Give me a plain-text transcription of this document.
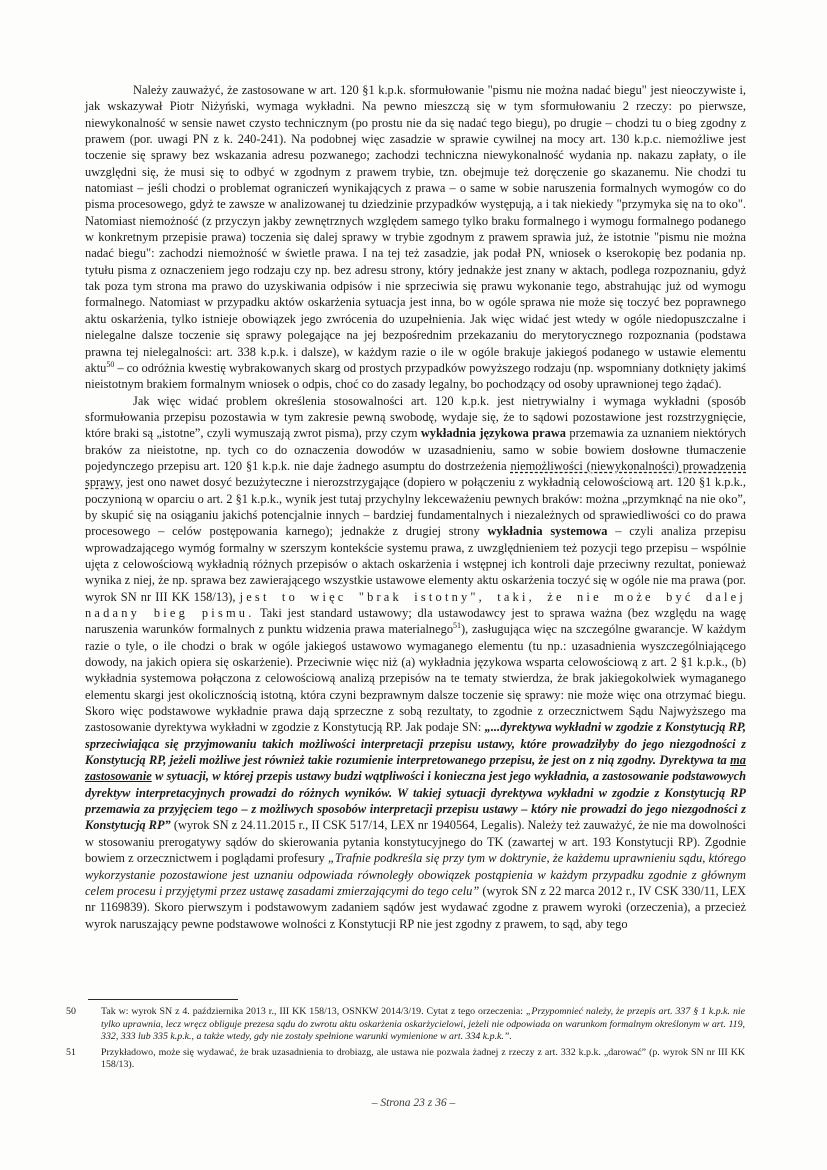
Należy zauważyć, że zastosowane w art. 120 §1 k.p.k. sformułowanie "pismu nie można nadać biegu" jest nieoczywiste i, jak wskazywał Piotr Niżyński, wymaga wykładni. Na pewno mieszczą się w tym sformułowaniu 2 rzeczy: po pierwsze, niewykonalność w sensie nawet czysto technicznym (po prostu nie da się nadać tego biegu), po drugie – chodzi tu o bieg zgodny z prawem (por. uwagi PN z k. 240-241). Na podobnej więc zasadzie w sprawie cywilnej na mocy art. 130 k.p.c. niemożliwe jest toczenie się sprawy bez wskazania adresu pozwanego; zachodzi techniczna niewykonalność wydania np. nakazu zapłaty, o ile uwzględni się, że musi się to odbyć w zgodnym z prawem trybie, tzn. obejmuje też doręczenie go skazanemu. Nie chodzi tu natomiast – jeśli chodzi o problemat ograniczeń wynikających z prawa – o same w sobie naruszenia formalnych wymogów co do pisma procesowego, gdyż te zawsze w analizowanej tu dziedzinie przypadków występują, a i tak niekiedy "przymyka się na to oko". Natomiast niemożność (z przyczyn jakby zewnętrznych względem samego tylko braku formalnego i wymogu formalnego podanego w konkretnym przepisie prawa) toczenia się dalej sprawy w trybie zgodnym z prawem sprawia już, że istotnie "pismu nie można nadać biegu": zachodzi niemożność w świetle prawa. I na tej też zasadzie, jak podał PN, wniosek o kserokopię bez podania np. tytułu pisma z oznaczeniem jego rodzaju czy np. bez adresu strony, który jednakże jest znany w aktach, podlega rozpoznaniu, gdyż tak poza tym strona ma prawo do uzyskiwania odpisów i nie sprzeciwia się prawu wykonanie tego, abstrahując już od wymogu formalnego. Natomiast w przypadku aktów oskarżenia sytuacja jest inna, bo w ogóle sprawa nie może się toczyć bez poprawnego aktu oskarżenia, tylko istnieje obowiązek jego zwrócenia do uzupełnienia. Jak więc widać jest wtedy w ogóle niedopuszczalne i nielegalne dalsze toczenie się sprawy polegające na jej bezpośrednim przekazaniu do merytorycznego rozpoznania (podstawa prawna tej nielegalności: art. 338 k.p.k. i dalsze), w każdym razie o ile w ogóle brakuje jakiegoś podanego w ustawie elementu aktu$^{50}$ – co odróżnia kwestię wybrakowanych skarg od prostych przypadków powyższego rodzaju (np. wspomniany dotknięty jakimś nieistotnym brakiem formalnym wniosek o odpis, choć co do zasady legalny, bo pochodzący od osoby uprawnionej tego żądać).
Jak więc widać problem określenia stosowalności art. 120 k.p.k. jest nietrywialny i wymaga wykładni (sposób sformułowania przepisu pozostawia w tym zakresie pewną swobodę, wydaje się, że to sądowi pozostawione jest rozstrzygnięcie, które braki są „istotne”, czyli wymuszają zwrot pisma), przy czym wykładnia językowa prawa przemawia za uznaniem niektórych braków za nieistotne, np. tych co do oznaczenia dowodów w uzasadnieniu, samo w sobie bowiem dosłowne tłumaczenie pojedynczego przepisu art. 120 §1 k.p.k. nie daje żadnego asumptu do dostrzeżenia niemożliwości (niewykonalności) prowadzenia sprawy, jest ono nawet dosyć bezużyteczne i nierozstrzygające (dopiero w połączeniu z wykładnią celowościową art. 120 §1 k.p.k., poczynioną w oparciu o art. 2 §1 k.p.k., wynik jest tutaj przychylny lekceważeniu pewnych braków: można „przymknąć na nie oko”, by skupić się na osiąganiu jakichś potencjalnie innych – bardziej fundamentalnych i niezależnych od sprawiedliwości co do prawa procesowego – celów postępowania karnego); jednakże z drugiej strony wykładnia systemowa – czyli analiza przepisu wprowadzającego wymóg formalny w szerszym kontekście systemu prawa, z uwzględnieniem też pozycji tego przepisu – wspólnie ujęta z celowościową wykładnią różnych przepisów o aktach oskarżenia i wstępnej ich kontroli daje przeciwny rezultat, ponieważ wynika z niej, że np. sprawa bez zawierającego wszystkie ustawowe elementy aktu oskarżenia toczyć się w ogóle nie ma prawa (por. wyrok SN nr III KK 158/13), jest to więc "brak istotny", taki, że nie może być dalej nadany bieg pismu. Taki jest standard ustawowy; dla ustawodawcy jest to sprawa ważna (bez względu na wagę naruszenia warunków formalnych z punktu widzenia prawa materialnego$^{51}$), zasługująca więc na szczególne gwarancje. W każdym razie o tyle, o ile chodzi o brak w ogóle jakiegoś ustawowo wymaganego elementu (tu np.: uzasadnienia wyszczególniającego dowody, na jakich opiera się oskarżenie). Przeciwnie więc niż (a) wykładnia językowa wsparta celowościową z art. 2 §1 k.p.k., (b) wykładnia systemowa połączona z celowościową analizą przepisów na te tematy stwierdza, że brak jakiegokolwiek wymaganego elementu skargi jest okolicznością istotną, która czyni bezprawnym dalsze toczenie się sprawy: nie może więc ona otrzymać biegu. Skoro więc podstawowe wykładnie prawa dają sprzeczne z sobą rezultaty, to zgodnie z orzecznictwem Sądu Najwyższego ma zastosowanie dyrektywa wykładni w zgodzie z Konstytucją RP. Jak podaje SN: „...dyrektywa wykładni w zgodzie z Konstytucją RP, sprzeciwiająca się przyjmowaniu takich możliwości interpretacji przepisu ustawy, które prowadziłyby do jego niezgodności z Konstytucją RP, jeżeli możliwe jest również takie rozumienie interpretowanego przepisu, że jest on z nią zgodny. Dyrektywa ta ma zastosowanie w sytuacji, w której przepis ustawy budzi wątpliwości i konieczna jest jego wykładnia, a zastosowanie podstawowych dyrektyw interpretacyjnych prowadzi do różnych wyników. W takiej sytuacji dyrektywa wykładni w zgodzie z Konstytucją RP przemawia za przyjęciem tego – z możliwych sposobów interpretacji przepisu ustawy – który nie prowadzi do jego niezgodności z Konstytucją RP” (wyrok SN z 24.11.2015 r., II CSK 517/14, LEX nr 1940564, Legalis). Należy też zauważyć, że nie ma dowolności w stosowaniu prerogatywy sądów do skierowania pytania konstytucyjnego do TK (zawartej w art. 193 Konstytucji RP). Zgodnie bowiem z orzecznictwem i poglądami profesury „Trafnie podkreśla się przy tym w doktrynie, że każdemu uprawnieniu sądu, którego wykorzystanie pozostawione jest uznaniu odpowiada równoległy obowiązek postąpienia w każdym przypadku zgodnie z głównym celem procesu i przyjętymi przez ustawę zasadami zmierzającymi do tego celu” (wyrok SN z 22 marca 2012 r., IV CSK 330/11, LEX nr 1169839). Skoro pierwszym i podstawowym zadaniem sądów jest wydawać zgodne z prawem wyroki (orzeczenia), a przecież wyrok naruszający pewne podstawowe wolności z Konstytucji RP nie jest zgodny z prawem, to sąd, aby tego
50	Tak w: wyrok SN z 4. października 2013 r., III KK 158/13, OSNKW 2014/3/19. Cytat z tego orzeczenia: „Przypomnieć należy, że przepis art. 337 § 1 k.p.k. nie tylko uprawnia, lecz wręcz obliguje prezesa sądu do zwrotu aktu oskarżenia oskarżycielowi, jeżeli nie odpowiada on warunkom formalnym określonym w art. 119, 332, 333 lub 335 k.p.k., a także wtedy, gdy nie zostały spełnione warunki wymienione w art. 334 k.p.k.”.
51	Przykładowo, może się wydawać, że brak uzasadnienia to drobiazg, ale ustawa nie pozwala żadnej z rzeczy z art. 332 k.p.k. „darować” (p. wyrok SN nr III KK 158/13).
– Strona 23 z 36 –
